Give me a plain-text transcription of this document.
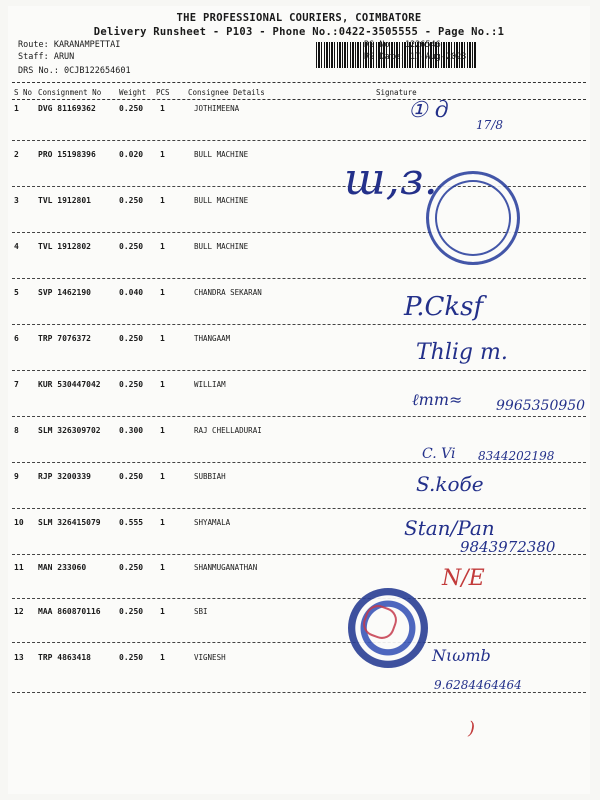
THE PROFESSIONAL COURIERS, COIMBATORE
Delivery Runsheet - P103 - Phone No.:0422-3505555 - Page No.:1
Route: KARANAMPETTAI
Staff: ARUN
DRS No.: 0CJB122654601
RS No.: 1226546
RS Date: 17-Aug-2023
S No Consignment No Weight PCS Consignee Details	Signature
1 DVG 81169362	0.250 1	JOTHIMEENA
2 PRO 15198396	0.020 1	BULL MACHINE
3 TVL 1912801	0.250 1	BULL MACHINE
4 TVL 1912802	0.250 1	BULL MACHINE
5 SVP 1462190	0.040 1	CHANDRA SEKARAN
6 TRP 7076372	0.250 1	THANGAAM
7 KUR 530447042 0.250 1	WILLIAM
8 SLM 326309702 0.300 1	RAJ CHELLADURAI
9 RJP 3200339	0.250 1	SUBBIAH
10 SLM 326415079 0.555 1	SHYAMALA
11 MAN 233060	0.250 1	SHANMUGANATHAN
12 MAA 860870116 0.250 1	SBI
13 TRP 4863418	0.250 1	VIGNESH
① д
17/8
ɯ,з.
P.Cksf
Thlig m.
ℓmm≈ 9965350950
C. Vi 8344202198
S.kобе
Stan/Pan
9843972380
N/E
Nιωmb
9.6284464464
)
